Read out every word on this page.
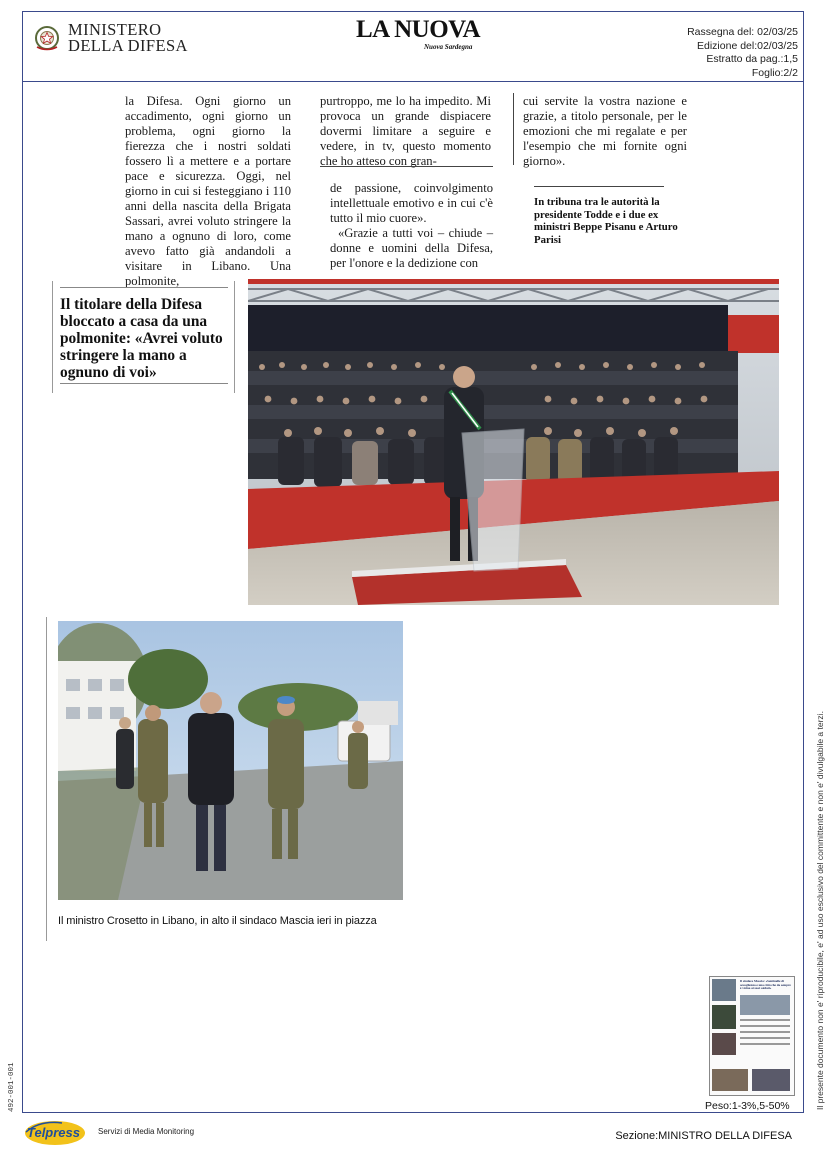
MINISTERO
DELLA DIFESA
LA NUOVA
Nuova Sardegna
Rassegna del: 02/03/25
Edizione del:02/03/25
Estratto da pag.:1,5
Foglio:2/2

la Difesa. Ogni giorno un accadimento, ogni giorno un problema, ogni giorno la fierezza che i nostri soldati fossero lì a mettere e a portare pace e sicurezza. Oggi, nel giorno in cui si festeggiano i 110 anni della nascita della Brigata Sassari, avrei voluto stringere la mano a ognuno di loro, come avevo fatto già andandoli a visitare in Libano. Una polmonite,

purtroppo, me lo ha impedito. Mi provoca un grande dispiacere dovermi limitare a seguire e vedere, in tv, questo momento che ho atteso con gran-

de passione, coinvolgimento intellettuale emotivo e in cui c'è tutto il mio cuore».

«Grazie a tutti voi – chiude – donne e uomini della Difesa, per l'onore e la dedizione con

cui servite la vostra nazione e grazie, a titolo personale, per le emozioni che mi regalate e per l'esempio che mi fornite ogni giorno».

In tribuna tra le autorità la presidente Todde e i due ex ministri Beppe Pisanu e Arturo Parisi
Il titolare della Difesa bloccato a casa da una polmonite: «Avrei voluto stringere la mano a ognuno di voi»
Il ministro Crosetto in Libano, in alto il sindaco Mascia ieri in piazza
Il sindaco Mascia: «Sentinelle di accoglienza e una città che da sempre è vicina ai suoi soldati»
Peso:1-3%,5-50%	Il presente documento non e' riproducibile, e' ad uso esclusivo del committente e non e' divulgabile a terzi.
492-001-001
Telpress Servizi di Media Monitoring	Sezione:MINISTRO DELLA DIFESA
